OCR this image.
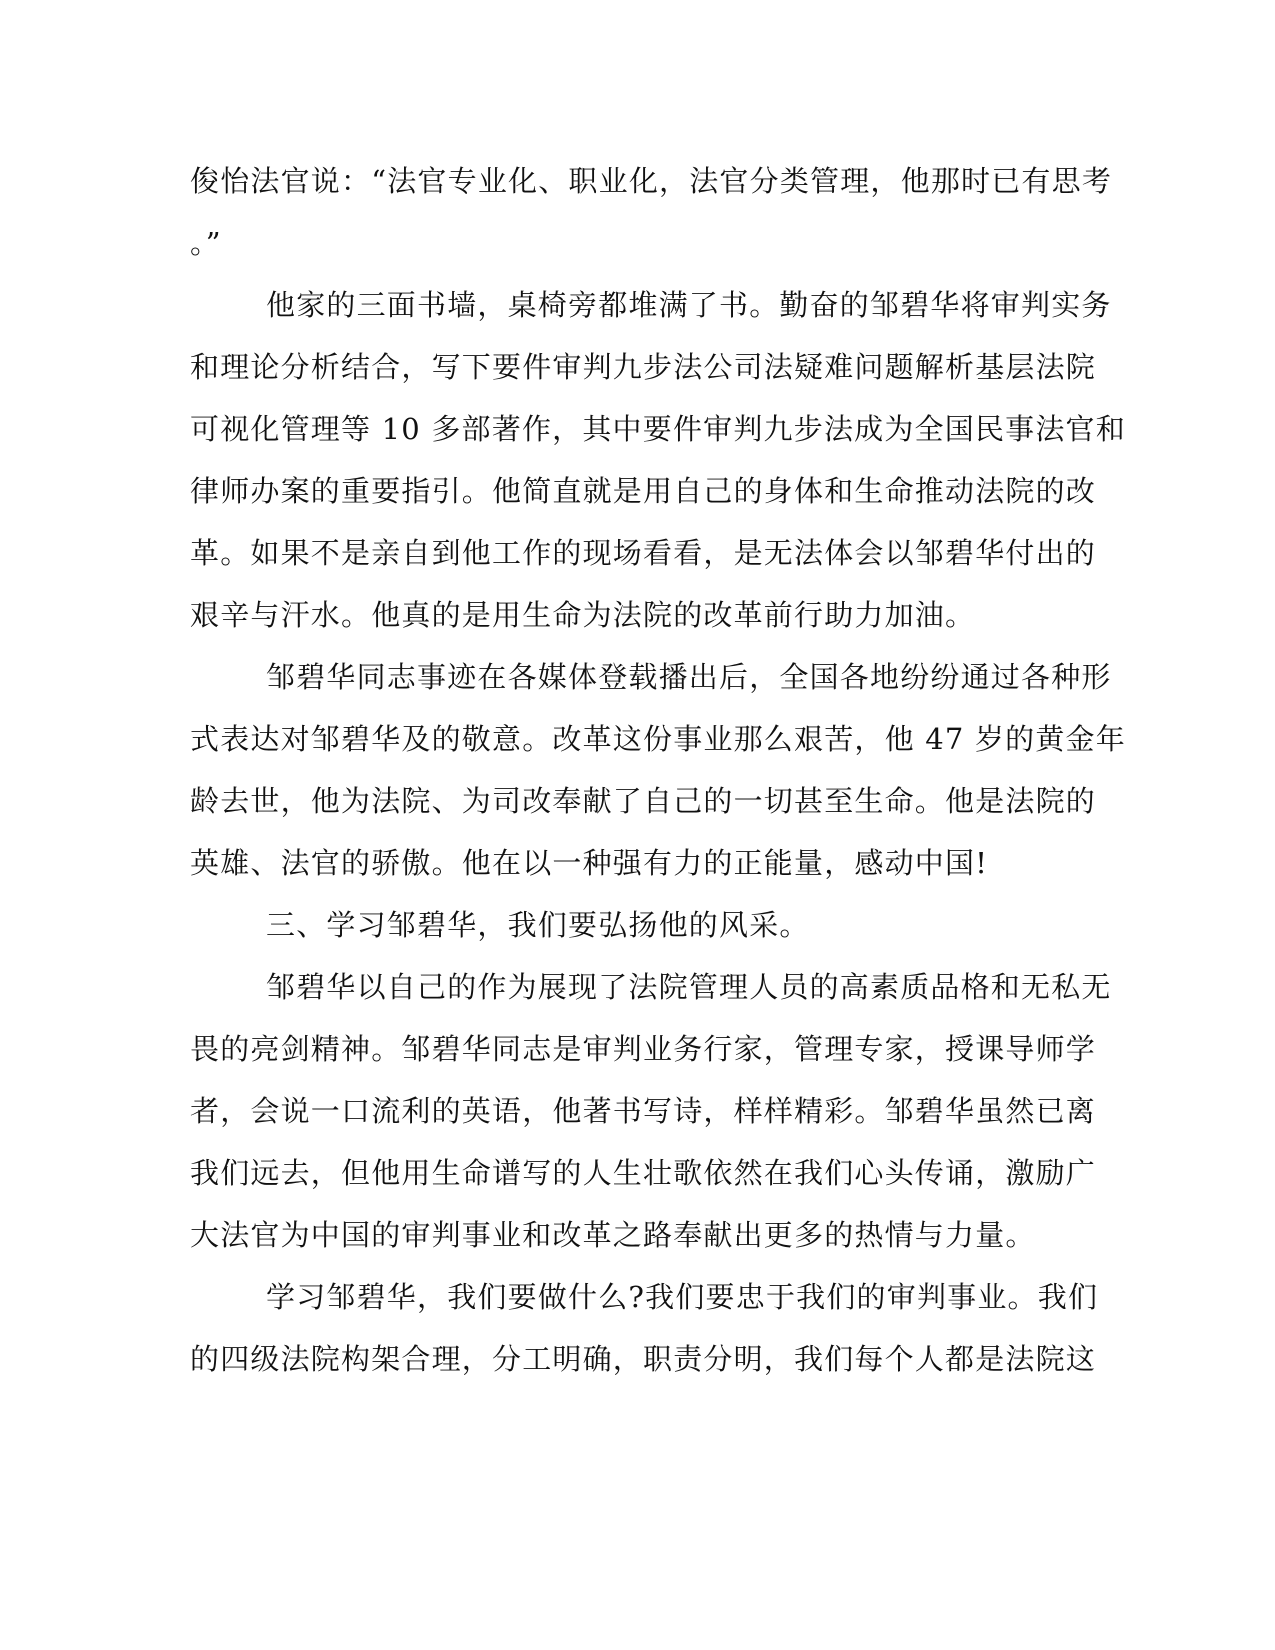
俊怡法官说：“法官专业化、职业化，法官分类管理，他那时已有思考
。”
他家的三面书墙，桌椅旁都堆满了书。勤奋的邹碧华将审判实务
和理论分析结合，写下要件审判九步法公司法疑难问题解析基层法院
可视化管理等 10 多部著作，其中要件审判九步法成为全国民事法官和
律师办案的重要指引。他简直就是用自己的身体和生命推动法院的改
革。如果不是亲自到他工作的现场看看，是无法体会以邹碧华付出的
艰辛与汗水。他真的是用生命为法院的改革前行助力加油。
邹碧华同志事迹在各媒体登载播出后，全国各地纷纷通过各种形
式表达对邹碧华及的敬意。改革这份事业那么艰苦，他 47 岁的黄金年
龄去世，他为法院、为司改奉献了自己的一切甚至生命。他是法院的
英雄、法官的骄傲。他在以一种强有力的正能量，感动中国!
三、学习邹碧华，我们要弘扬他的风采。
邹碧华以自己的作为展现了法院管理人员的高素质品格和无私无
畏的亮剑精神。邹碧华同志是审判业务行家，管理专家，授课导师学
者，会说一口流利的英语，他著书写诗，样样精彩。邹碧华虽然已离
我们远去，但他用生命谱写的人生壮歌依然在我们心头传诵，激励广
大法官为中国的审判事业和改革之路奉献出更多的热情与力量。
学习邹碧华，我们要做什么?我们要忠于我们的审判事业。我们
的四级法院构架合理，分工明确，职责分明，我们每个人都是法院这
